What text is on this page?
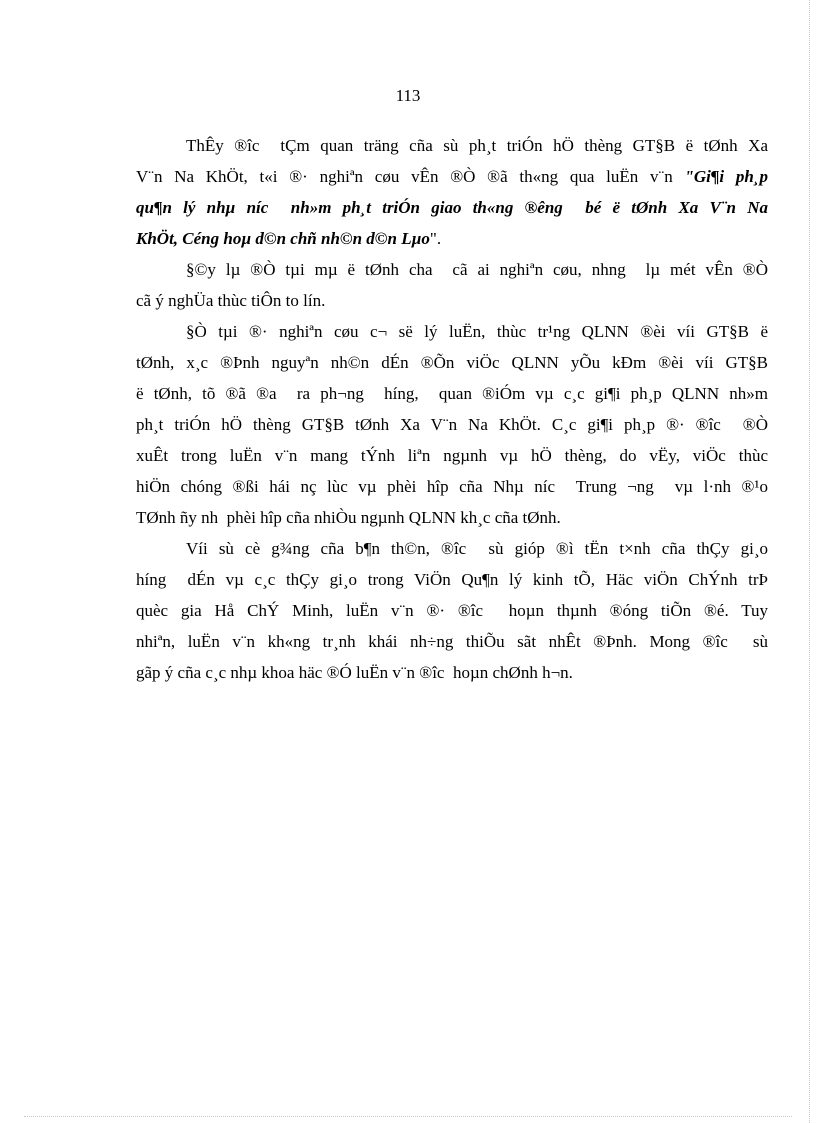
113
ThÊy ®îc  tÇm quan träng cña sù ph¸t triÓn hÖ thèng GT§B ë tØnh Xa
V¨n Na KhÖt, t«i ®· nghiªn cøu vÊn ®Ò ®ã th«ng qua luËn v¨n "Gi¶i ph¸p
qu¶n lý nhµ níc  nh»m ph¸t triÓn giao th«ng ®êng  bé ë tØnh Xa V¨n Na
KhÖt, Céng hoµ d©n chñ nh©n d©n Lµo".
§©y lµ ®Ò tµi mµ ë tØnh cha  cã ai nghiªn cøu, nhng  lµ mét vÊn ®Ò
cã ý nghÜa thùc tiÔn to lín.
§Ò tµi ®· nghiªn cøu c¬ së lý luËn, thùc tr¹ng QLNN ®èi víi GT§B ë
tØnh, x¸c ®Þnh nguyªn nh©n dÉn ®Õn viÖc QLNN yÕu kÐm ®èi víi GT§B
ë tØnh, tõ ®ã ®a  ra ph¬ng  híng,  quan ®iÓm vµ c¸c gi¶i ph¸p QLNN nh»m
ph¸t triÓn hÖ thèng GT§B tØnh Xa V¨n Na KhÖt. C¸c gi¶i ph¸p ®· ®îc  ®Ò
xuÊt trong luËn v¨n mang tÝnh liªn ngµnh vµ hÖ thèng, do vËy, viÖc thùc
hiÖn chóng ®ßi hái nç lùc vµ phèi hîp cña Nhµ níc  Trung ¬ng  vµ l·nh ®¹o
TØnh ñy nh  phèi hîp cña nhiÒu ngµnh QLNN kh¸c cña tØnh.
Víi sù cè g¾ng cña b¶n th©n, ®îc  sù gióp ®ì tËn t×nh cña thÇy gi¸o
híng  dÉn vµ c¸c thÇy gi¸o trong ViÖn Qu¶n lý kinh tÕ, Häc viÖn ChÝnh trÞ
quèc gia Hå ChÝ Minh, luËn v¨n ®· ®îc  hoµn thµnh ®óng tiÕn ®é. Tuy
nhiªn, luËn v¨n kh«ng tr¸nh khái nh÷ng thiÕu sãt nhÊt ®Þnh. Mong ®îc  sù
gãp ý cña c¸c nhµ khoa häc ®Ó luËn v¨n ®îc  hoµn chØnh h¬n.
